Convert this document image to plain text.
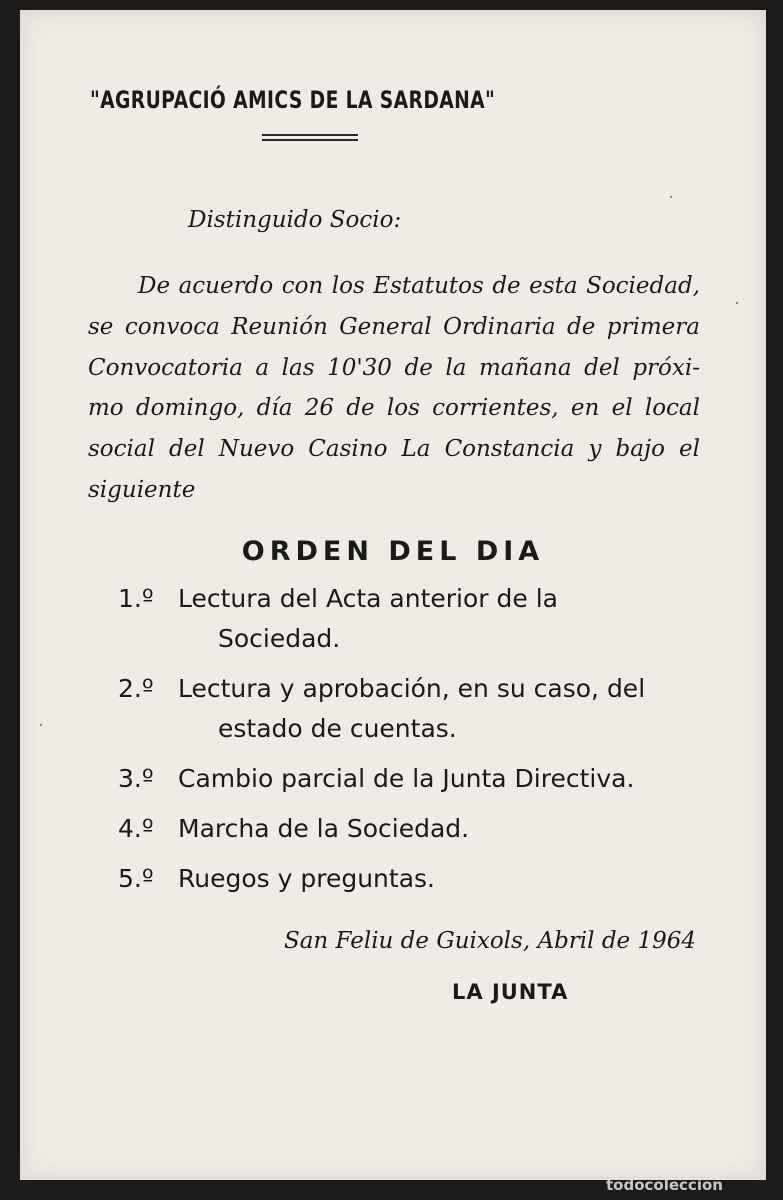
"AGRUPACIÓ AMICS DE LA SARDANA"
Distinguido Socio:
De acuerdo con los Estatutos de esta Sociedad,
se convoca Reunión General Ordinaria de primera
Convocatoria a las 10'30 de la mañana del próxi-
mo domingo, día 26 de los corrientes, en el local
social del Nuevo Casino La Constancia y bajo el
siguiente
ORDEN DEL DIA
1.º Lectura del Acta anterior de la
Sociedad.
2.º Lectura y aprobación, en su caso, del
estado de cuentas.
3.º Cambio parcial de la Junta Directiva.
4.º Marcha de la Sociedad.
5.º Ruegos y preguntas.
San Feliu de Guixols, Abril de 1964
LA JUNTA
todocoleccion
